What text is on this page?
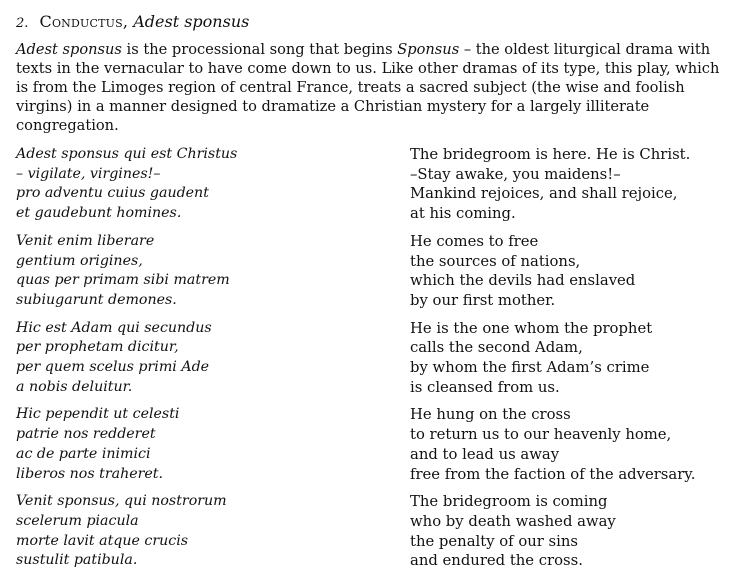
2. Conductus, Adest sponsus

Adest sponsus is the processional song that begins Sponsus – the oldest liturgical drama with texts in the vernacular to have come down to us. Like other dramas of its type, this play, which is from the Limoges region of central France, treats a sacred subject (the wise and foolish virgins) in a manner designed to dramatize a Christian mystery for a largely illiterate congregation.

Adest sponsus qui est Christus
– vigilate, virgines!–
pro adventu cuius gaudent
et gaudebunt homines.
The bridegroom is here. He is Christ.
–Stay awake, you maidens!–
Mankind rejoices, and shall rejoice,
at his coming.
Venit enim liberare
gentium origines,
quas per primam sibi matrem
subiugarunt demones.
He comes to free
the sources of nations,
which the devils had enslaved
by our first mother.
Hic est Adam qui secundus
per prophetam dicitur,
per quem scelus primi Ade
a nobis deluitur.
He is the one whom the prophet
calls the second Adam,
by whom the first Adam’s crime
is cleansed from us.
Hic pependit ut celesti
patrie nos redderet
ac de parte inimici
liberos nos traheret.
He hung on the cross
to return us to our heavenly home,
and to lead us away
free from the faction of the adversary.
Venit sponsus, qui nostrorum
scelerum piacula
morte lavit atque crucis
sustulit patibula.
The bridegroom is coming
who by death washed away
the penalty of our sins
and endured the cross.
